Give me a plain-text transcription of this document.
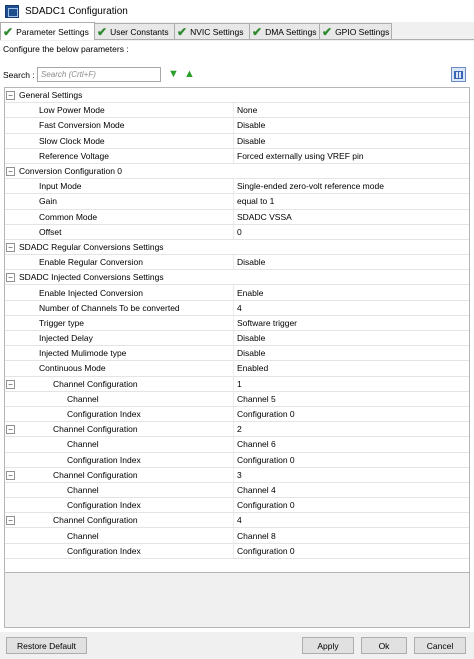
SDADC1 Configuration
✔ Parameter Settings ✔ User Constants ✔ NVIC Settings ✔ DMA Settings ✔ GPIO Settings
Configure the below parameters :
Search :
Search (Crtl+F)	▼ ▲
− General Settings
Low Power Mode	None
Fast Conversion Mode	Disable
Slow Clock Mode	Disable
Reference Voltage	Forced externally using VREF pin
− Conversion Configuration 0
Input Mode	Single-ended zero-volt reference mode
Gain	equal to 1
Common Mode	SDADC VSSA
Offset	0
− SDADC Regular Conversions Settings
Enable Regular Conversion	Disable
− SDADC Injected Conversions Settings
Enable Injected Conversion	Enable
Number of Channels To be converted	4
Trigger type	Software trigger
Injected Delay	Disable
Injected Mulimode type	Disable
Continuous Mode	Enabled
−	Channel Configuration	1
Channel	Channel 5
Configuration Index	Configuration 0
−	Channel Configuration	2
Channel	Channel 6
Configuration Index	Configuration 0
−	Channel Configuration	3
Channel	Channel 4
Configuration Index	Configuration 0
−	Channel Configuration	4
Channel	Channel 8
Configuration Index	Configuration 0
Restore Default	Apply	Ok	Cancel
